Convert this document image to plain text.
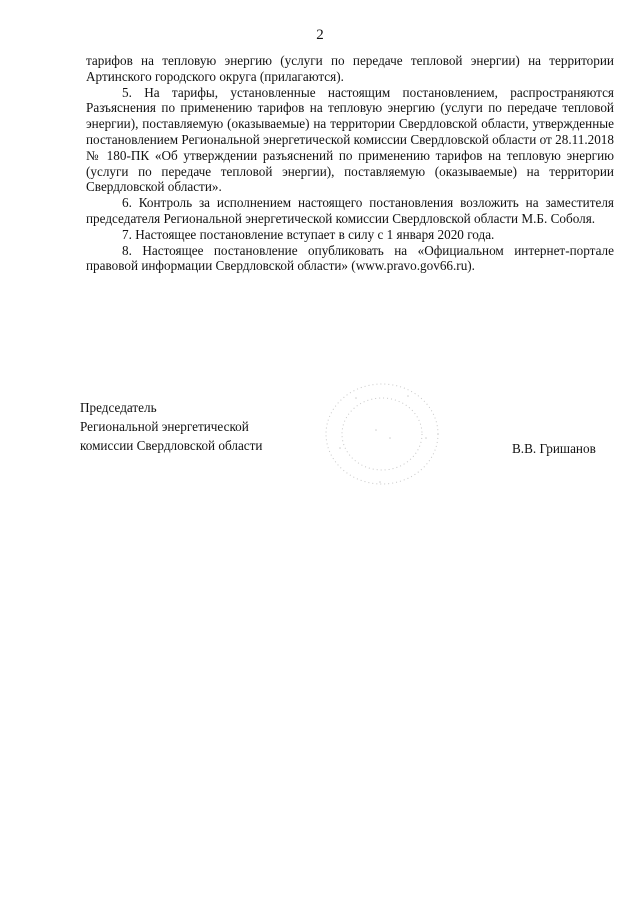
2

тарифов на тепловую энергию (услуги по передаче тепловой энергии) на территории Артинского городского округа (прилагаются).

5. На тарифы, установленные настоящим постановлением, распространяются Разъяснения по применению тарифов на тепловую энергию (услуги по передаче тепловой энергии), поставляемую (оказываемые) на территории Свердловской области, утвержденные постановлением Региональной энергетической комиссии Свердловской области от 28.11.2018 № 180-ПК «Об утверждении разъяснений по применению тарифов на тепловую энергию (услуги по передаче тепловой энергии), поставляемую (оказываемые) на территории Свердловской области».

6. Контроль за исполнением настоящего постановления возложить на заместителя председателя Региональной энергетической комиссии Свердловской области М.Б. Соболя.

7. Настоящее постановление вступает в силу с 1 января 2020 года.

8. Настоящее постановление опубликовать на «Официальном интернет-портале правовой информации Свердловской области» (www.pravo.gov66.ru).

Председатель
Региональной энергетической
комиссии Свердловской области	В.В. Гришанов
